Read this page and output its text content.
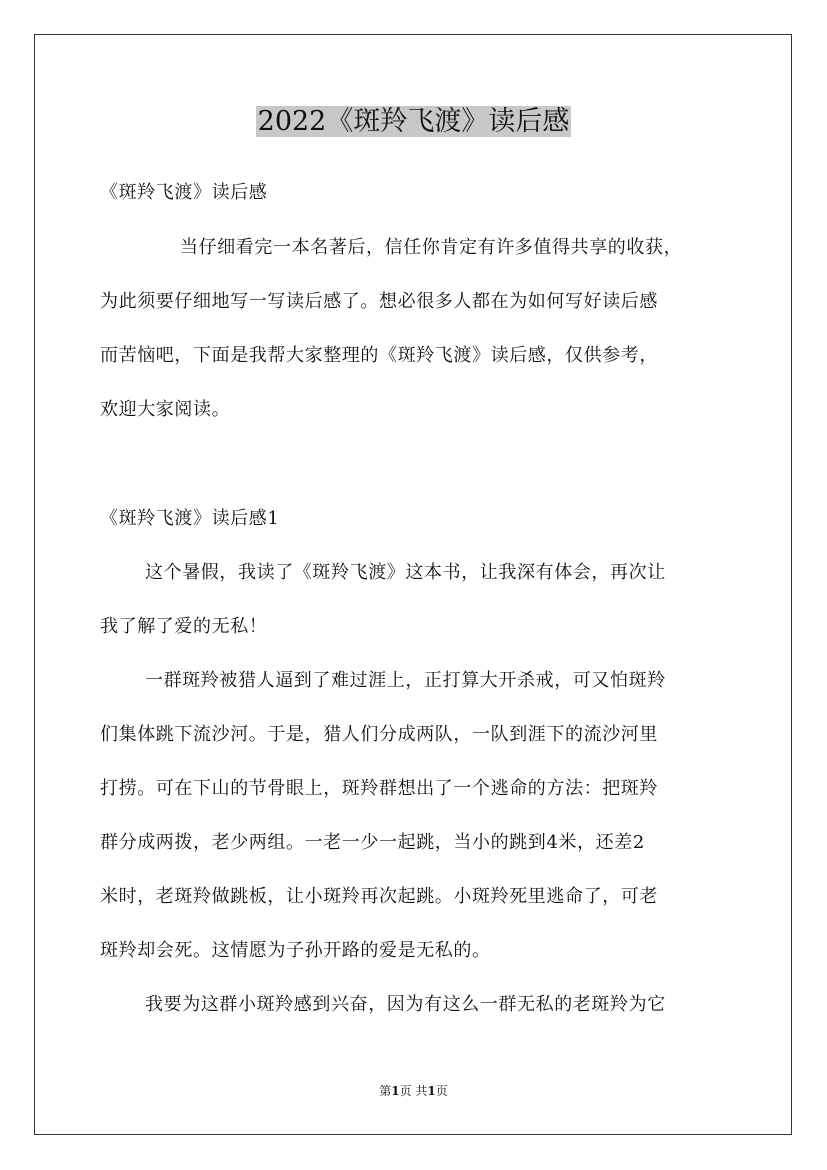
2022《斑羚飞渡》读后感
《斑羚飞渡》读后感
当仔细看完一本名著后，信任你肯定有许多值得共享的收获，
为此须要仔细地写一写读后感了。想必很多人都在为如何写好读后感
而苦恼吧，下面是我帮大家整理的《斑羚飞渡》读后感，仅供参考，
欢迎大家阅读。
《斑羚飞渡》读后感1
这个暑假，我读了《斑羚飞渡》这本书，让我深有体会，再次让
我了解了爱的无私！
一群斑羚被猎人逼到了难过涯上，正打算大开杀戒，可又怕斑羚
们集体跳下流沙河。于是，猎人们分成两队，一队到涯下的流沙河里
打捞。可在下山的节骨眼上，斑羚群想出了一个逃命的方法：把斑羚
群分成两拨，老少两组。一老一少一起跳，当小的跳到4米，还差2
米时，老斑羚做跳板，让小斑羚再次起跳。小斑羚死里逃命了，可老
斑羚却会死。这情愿为子孙开路的爱是无私的。
我要为这群小斑羚感到兴奋，因为有这么一群无私的老斑羚为它
第1页 共1页
